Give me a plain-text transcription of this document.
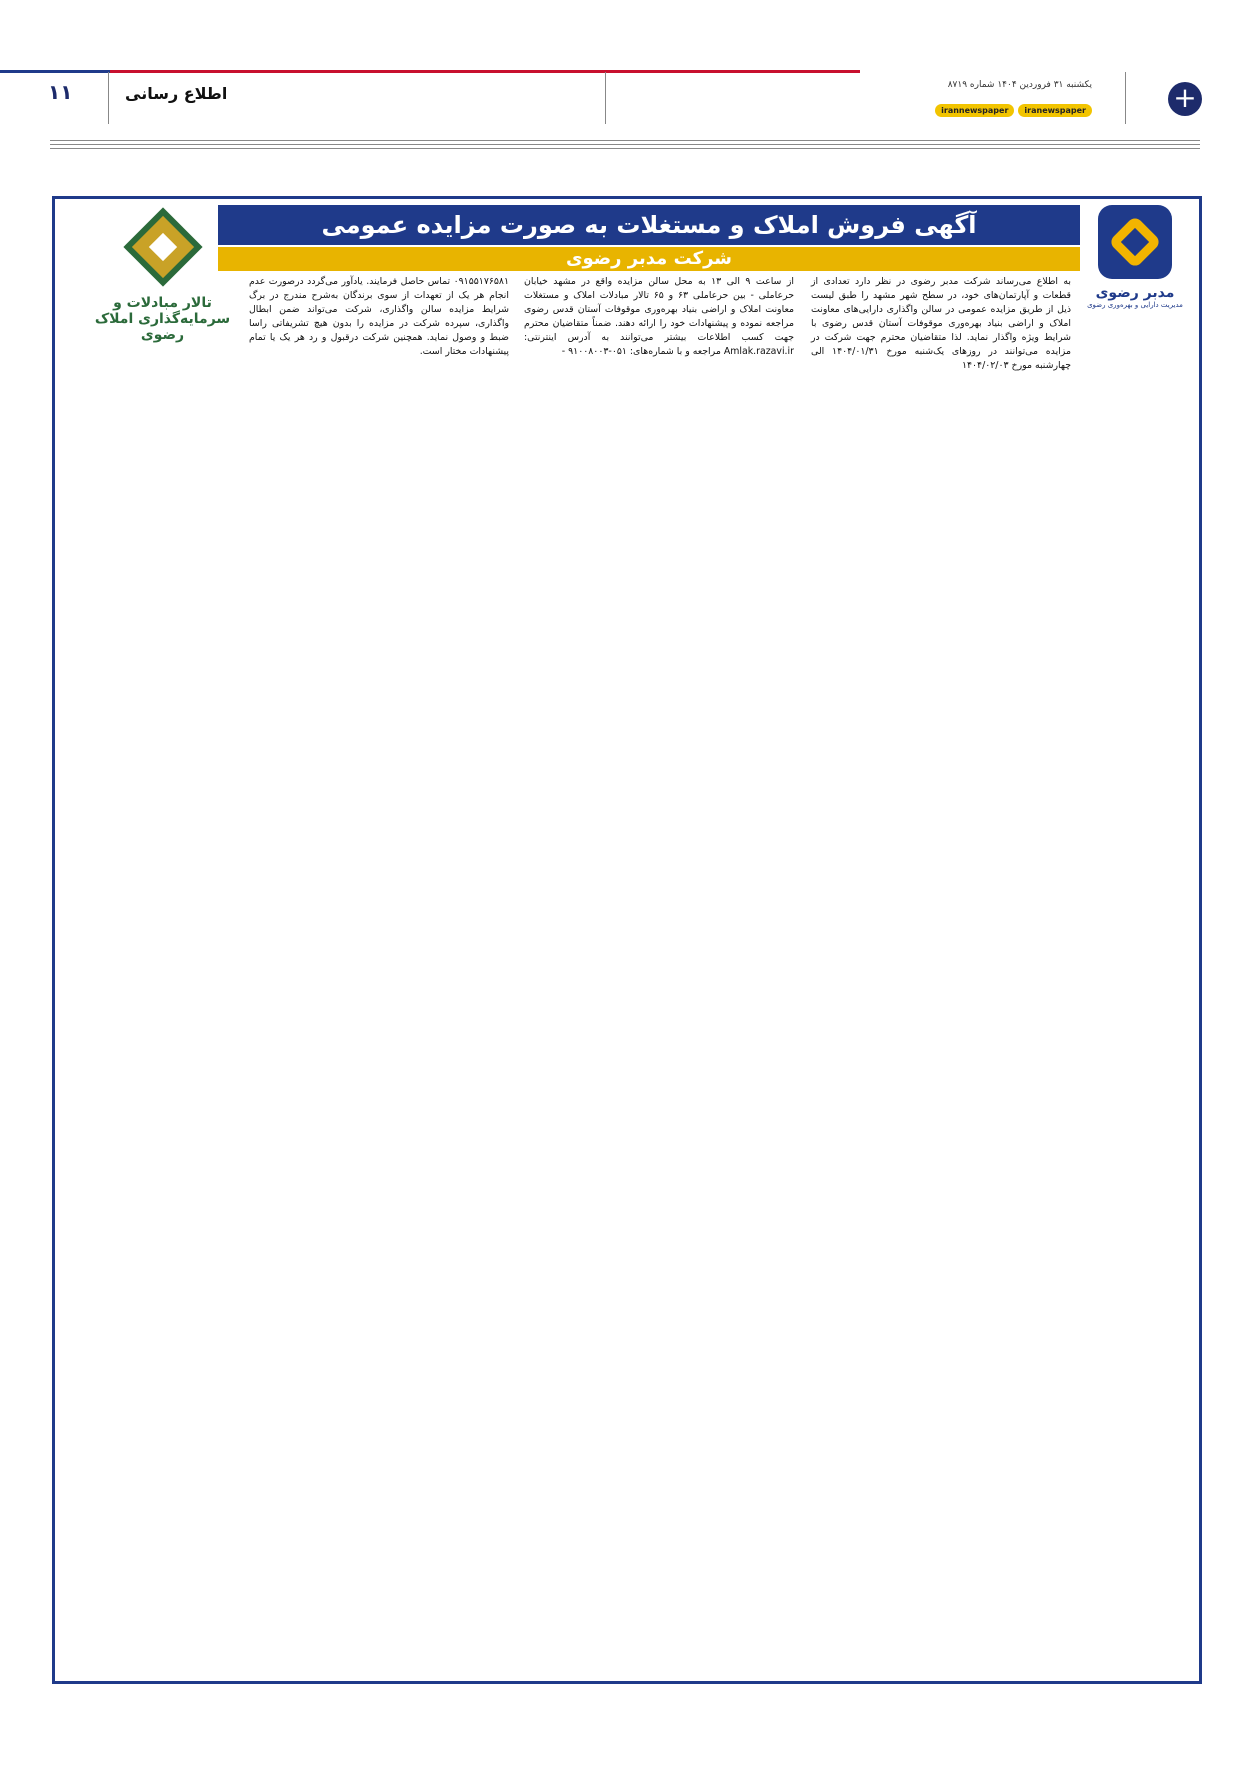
۱۱	اطلاع رسانی	یکشنبه ۳۱ فروردین ۱۴۰۴ شماره ۸۷۱۹
iranewspaper
irannewspaper	+
تالار مبادلات و
سرمایه‌گذاری املاک رضوی
آگهی فروش املاک و مستغلات به صورت مزایده عمومی
شرکت مدبر رضوی
مدبر رضوی
مدیریت دارایی و بهره‌وری رضوی

به اطلاع می‌رساند شرکت مدبر رضوی در نظر دارد تعدادی از قطعات و آپارتمان‌های خود، در سطح شهر مشهد را طبق لیست ذیل از طریق مزایده عمومی در سالن واگذاری دارایی‌های معاونت املاک و اراضی بنیاد بهره‌وری موقوفات آستان قدس رضوی با شرایط ویژه واگذار نماید. لذا متقاضیان محترم جهت شرکت در مزایده می‌توانند در روزهای یک‌شنبه مورخ ۱۴۰۴/۰۱/۳۱ الی چهارشنبه مورخ ۱۴۰۴/۰۲/۰۳

از ساعت ۹ الی ۱۳ به محل سالن مزایده واقع در مشهد خیابان حرعاملی - بین حرعاملی ۶۳ و ۶۵ تالار مبادلات املاک و مستغلات معاونت املاک و اراضی بنیاد بهره‌وری موقوفات آستان قدس رضوی مراجعه نموده و پیشنهادات خود را ارائه دهند. ضمناً متقاضیان محترم جهت کسب اطلاعات بیشتر می‌توانند به آدرس اینترنتی: Amlak.razavi.ir مراجعه و با شماره‌های: ۰۵۱-۹۱۰۰۸۰۰۳ -

۰۹۱۵۵۱۷۶۵۸۱ تماس حاصل فرمایند. یادآور می‌گردد درصورت عدم انجام هر یک از تعهدات از سوی برندگان به‌شرح مندرج در برگ شرایط مزایده سالن واگذاری، شرکت می‌تواند ضمن ابطال واگذاری، سپرده شرکت در مزایده را بدون هیچ تشریفاتی راسا ضبط و وصول نماید. همچنین شرکت درقبول و رد هر یک یا تمام پیشنهادات مختار است.
